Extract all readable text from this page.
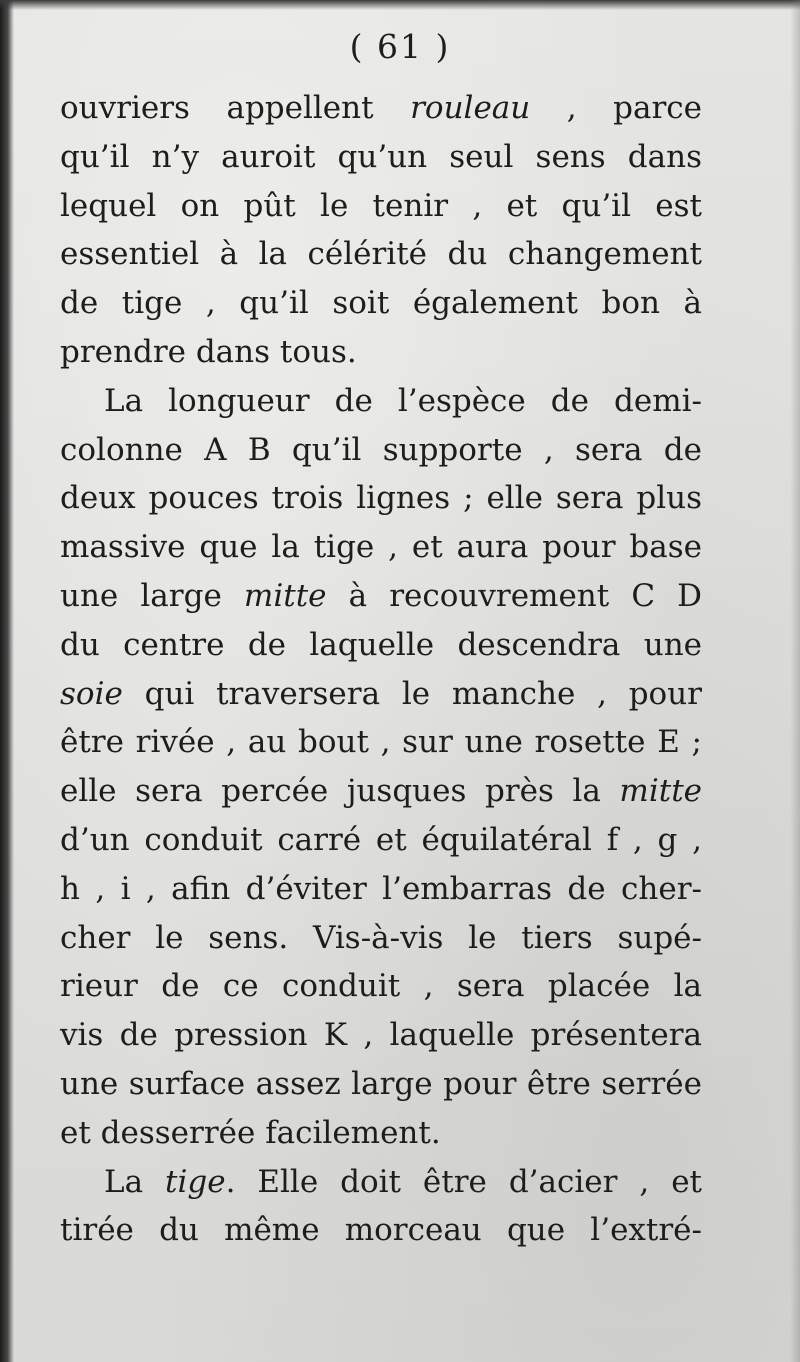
( 61 )
ouvriers appellent rouleau , parce
qu’il n’y auroit qu’un seul sens dans
lequel on pût le tenir , et qu’il est
essentiel à la célérité du changement
de tige , qu’il soit également bon à
prendre dans tous.
La longueur de l’espèce de demi-
colonne A B qu’il supporte , sera de
deux pouces trois lignes ; elle sera plus
massive que la tige , et aura pour base
une large mitte à recouvrement C D
du centre de laquelle descendra une
soie qui traversera le manche , pour
être rivée , au bout , sur une rosette E ;
elle sera percée jusques près la mitte
d’un conduit carré et équilatéral f , g ,
h , i , afin d’éviter l’embarras de cher-
cher le sens. Vis-à-vis le tiers supé-
rieur de ce conduit , sera placée la
vis de pression K , laquelle présentera
une surface assez large pour être serrée
et desserrée facilement.
La tige. Elle doit être d’acier , et
tirée du même morceau que l’extré-
